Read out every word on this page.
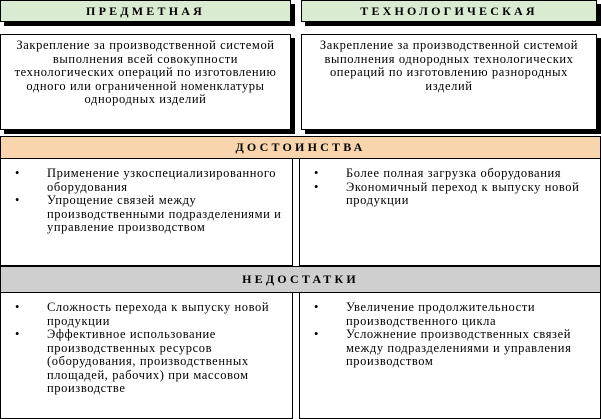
ПРЕДМЕТНАЯ	ТЕХНОЛОГИЧЕСКАЯ
Закрепление за производственной системой выполнения всей совокупности технологических операций по изготовлению одного или ограниченной номенклатуры однородных изделий
Закрепление за производственной системой выполнения однородных технологических операций по изготовлению разнородных изделий
ДОСТОИНСТВА
• Применение узкоспециализированного оборудования
• Упрощение связей между производственными подразделениями и управление производством
• Более полная загрузка оборудования
• Экономичный переход к выпуску новой продукции
НЕДОСТАТКИ
• Сложность перехода к выпуску новой продукции
• Эффективное использование производственных ресурсов (оборудования, производственных площадей, рабочих) при массовом производстве
• Увеличение продолжительности производственного цикла
• Усложнение производственных связей между подразделениями и управления производством
